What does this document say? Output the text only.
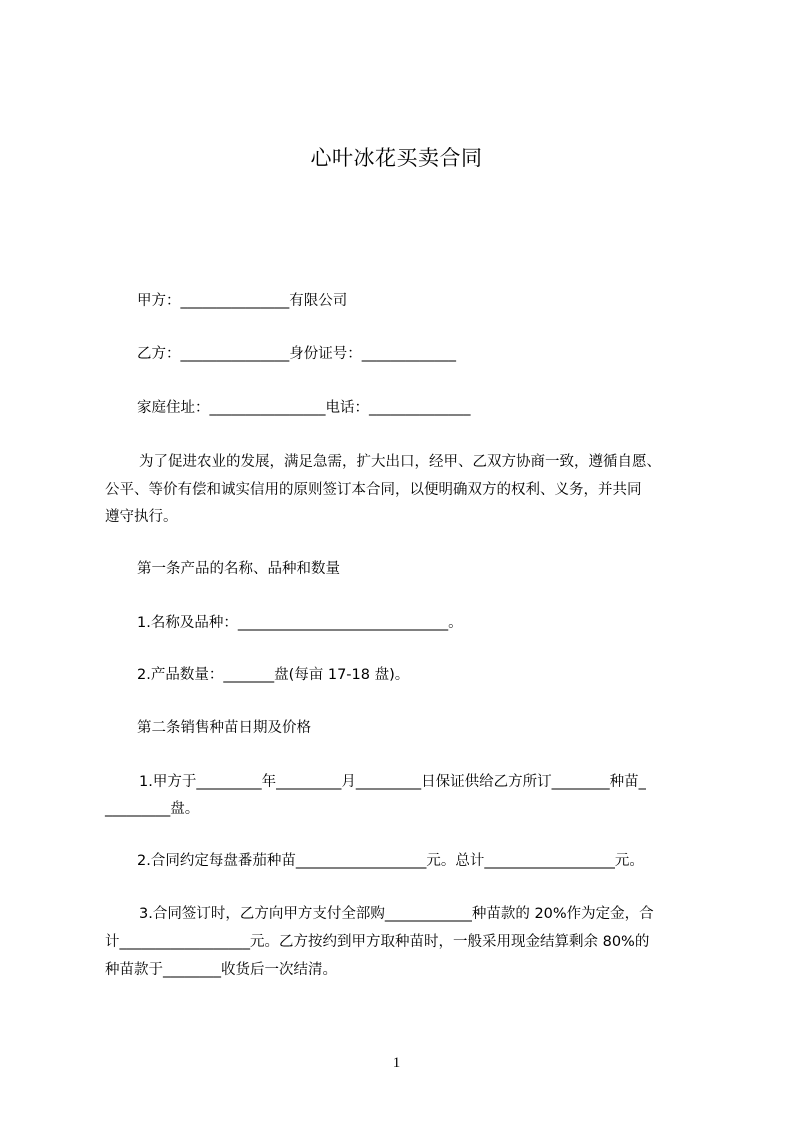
心叶冰花买卖合同
甲方：_______________有限公司
乙方：_______________身份证号：_____________
家庭住址：________________电话：______________
为了促进农业的发展，满足急需，扩大出口，经甲、乙双方协商一致，遵循自愿、
公平、等价有偿和诚实信用的原则签订本合同，以便明确双方的权利、义务，并共同
遵守执行。
第一条产品的名称、品种和数量
1.名称及品种：_____________________________。
2.产品数量：_______盘(每亩 17-18 盘)。
第二条销售种苗日期及价格
1.甲方于_________年_________月_________日保证供给乙方所订________种苗_
_________盘。
2.合同约定每盘番茄种苗__________________元。总计__________________元。
3.合同签订时，乙方向甲方支付全部购____________种苗款的 20%作为定金，合
计__________________元。乙方按约到甲方取种苗时，一般采用现金结算剩余 80%的
种苗款于________收货后一次结清。
1
